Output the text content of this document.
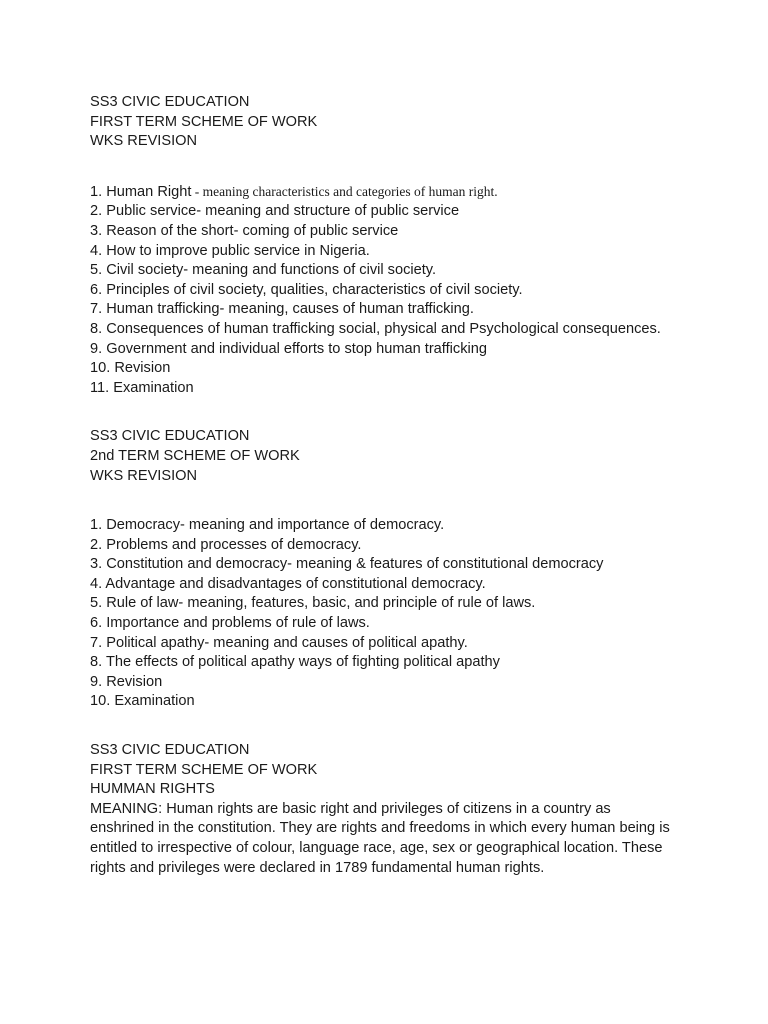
SS3 CIVIC EDUCATION
FIRST TERM SCHEME OF WORK
WKS REVISION
1. Human Right - meaning characteristics and categories of human right.
2. Public service- meaning and structure of public service
3. Reason of the short- coming of public service
4. How to improve public service in Nigeria.
5. Civil society- meaning and functions of civil society.
6. Principles of civil society, qualities, characteristics of civil society.
7. Human trafficking- meaning, causes of human trafficking.
8. Consequences of human trafficking social, physical and Psychological consequences.
9. Government and individual efforts to stop human trafficking
10. Revision
11. Examination
SS3 CIVIC EDUCATION
2nd TERM SCHEME OF WORK
WKS REVISION
1. Democracy- meaning and importance of democracy.
2. Problems and processes of democracy.
3. Constitution and democracy- meaning & features of constitutional democracy
4. Advantage and disadvantages of constitutional democracy.
5. Rule of law- meaning, features, basic, and principle of rule of laws.
6. Importance and problems of rule of laws.
7. Political apathy- meaning and causes of political apathy.
8. The effects of political apathy ways of fighting political apathy
9. Revision
10. Examination
SS3 CIVIC EDUCATION
FIRST TERM SCHEME OF WORK
HUMMAN RIGHTS

MEANING: Human rights are basic right and privileges of citizens in a country as enshrined in the constitution. They are rights and freedoms in which every human being is entitled to irrespective of colour, language race, age, sex or geographical location. These rights and privileges were declared in 1789 fundamental human rights.
